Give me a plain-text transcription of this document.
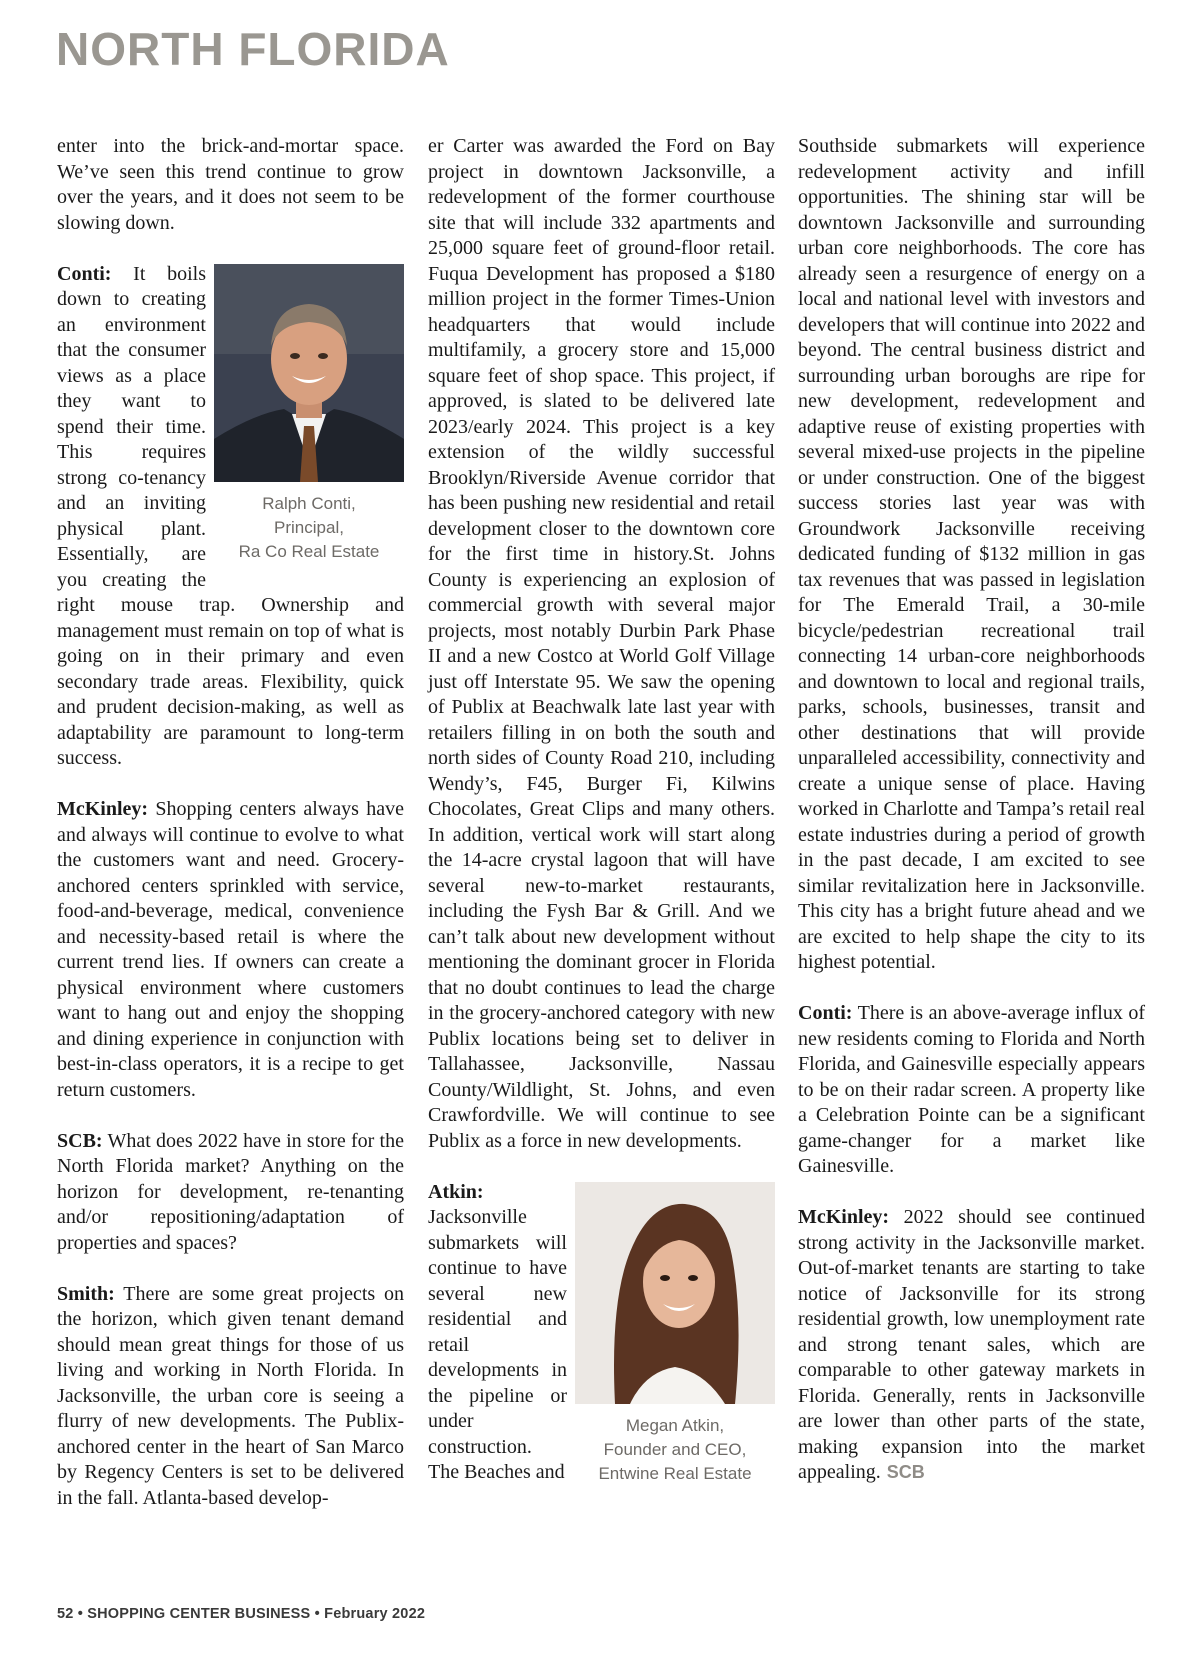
NORTH FLORIDA

enter into the brick-and-mortar space. We’ve seen this trend continue to grow over the years, and it does not seem to be slowing down.

Ralph Conti,
Principal,
Ra Co Real Estate
Conti: It boils down to creating an environment that the consumer views as a place they want to spend their time. This requires strong co-tenancy and an inviting physical plant. Essentially, are you creating the right mouse trap. Ownership and management must remain on top of what is going on in their primary and even secondary trade areas. Flexibility, quick and prudent decision-making, as well as adaptability are paramount to long-term success.

McKinley: Shopping centers always have and always will continue to evolve to what the customers want and need. Grocery-anchored centers sprinkled with service, food-and-beverage, medical, convenience and necessity-based retail is where the current trend lies. If owners can create a physical environment where customers want to hang out and enjoy the shopping and dining experience in conjunction with best-in-class operators, it is a recipe to get return customers.

SCB: What does 2022 have in store for the North Florida market? Anything on the horizon for development, re-tenanting and/or repositioning/adaptation of properties and spaces?

Smith: There are some great projects on the horizon, which given tenant demand should mean great things for those of us living and working in North Florida. In Jacksonville, the urban core is seeing a flurry of new developments. The Publix-anchored center in the heart of San Marco by Regency Centers is set to be delivered in the fall. Atlanta-based develop-

er Carter was awarded the Ford on Bay project in downtown Jacksonville, a redevelopment of the former courthouse site that will include 332 apartments and 25,000 square feet of ground-floor retail. Fuqua Development has proposed a $180 million project in the former Times-Union headquarters that would include multifamily, a grocery store and 15,000 square feet of shop space. This project, if approved, is slated to be delivered late 2023/early 2024. This project is a key extension of the wildly successful Brooklyn/Riverside Avenue corridor that has been pushing new residential and retail development closer to the downtown core for the first time in history.St. Johns County is experiencing an explosion of commercial growth with several major projects, most notably Durbin Park Phase II and a new Costco at World Golf Village just off Interstate 95. We saw the opening of Publix at Beachwalk late last year with retailers filling in on both the south and north sides of County Road 210, including Wendy’s, F45, Burger Fi, Kilwins Chocolates, Great Clips and many others. In addition, vertical work will start along the 14-acre crystal lagoon that will have several new-to-market restaurants, including the Fysh Bar & Grill. And we can’t talk about new development without mentioning the dominant grocer in Florida that no doubt continues to lead the charge in the grocery-anchored category with new Publix locations being set to deliver in Tallahassee, Jacksonville, Nassau County/Wildlight, St. Johns, and even Crawfordville. We will continue to see Publix as a force in new developments.

Megan Atkin,
Founder and CEO,
Entwine Real Estate
Atkin: Jacksonville submarkets will continue to have several new residential and retail developments in the pipeline or under construction. The Beaches and

Southside submarkets will experience redevelopment activity and infill opportunities. The shining star will be downtown Jacksonville and surrounding urban core neighborhoods. The core has already seen a resurgence of energy on a local and national level with investors and developers that will continue into 2022 and beyond. The central business district and surrounding urban boroughs are ripe for new development, redevelopment and adaptive reuse of existing properties with several mixed-use projects in the pipeline or under construction. One of the biggest success stories last year was with Groundwork Jacksonville receiving dedicated funding of $132 million in gas tax revenues that was passed in legislation for The Emerald Trail, a 30-mile bicycle/pedestrian recreational trail connecting 14 urban-core neighborhoods and downtown to local and regional trails, parks, schools, businesses, transit and other destinations that will provide unparalleled accessibility, connectivity and create a unique sense of place. Having worked in Charlotte and Tampa’s retail real estate industries during a period of growth in the past decade, I am excited to see similar revitalization here in Jacksonville. This city has a bright future ahead and we are excited to help shape the city to its highest potential.

Conti: There is an above-average influx of new residents coming to Florida and North Florida, and Gainesville especially appears to be on their radar screen. A property like a Celebration Pointe can be a significant game-changer for a market like Gainesville.

McKinley: 2022 should see continued strong activity in the Jacksonville market. Out-of-market tenants are starting to take notice of Jacksonville for its strong residential growth, low unemployment rate and strong tenant sales, which are comparable to other gateway markets in Florida. Generally, rents in Jacksonville are lower than other parts of the state, making expansion into the market appealing. SCB

52 • SHOPPING CENTER BUSINESS • February 2022
